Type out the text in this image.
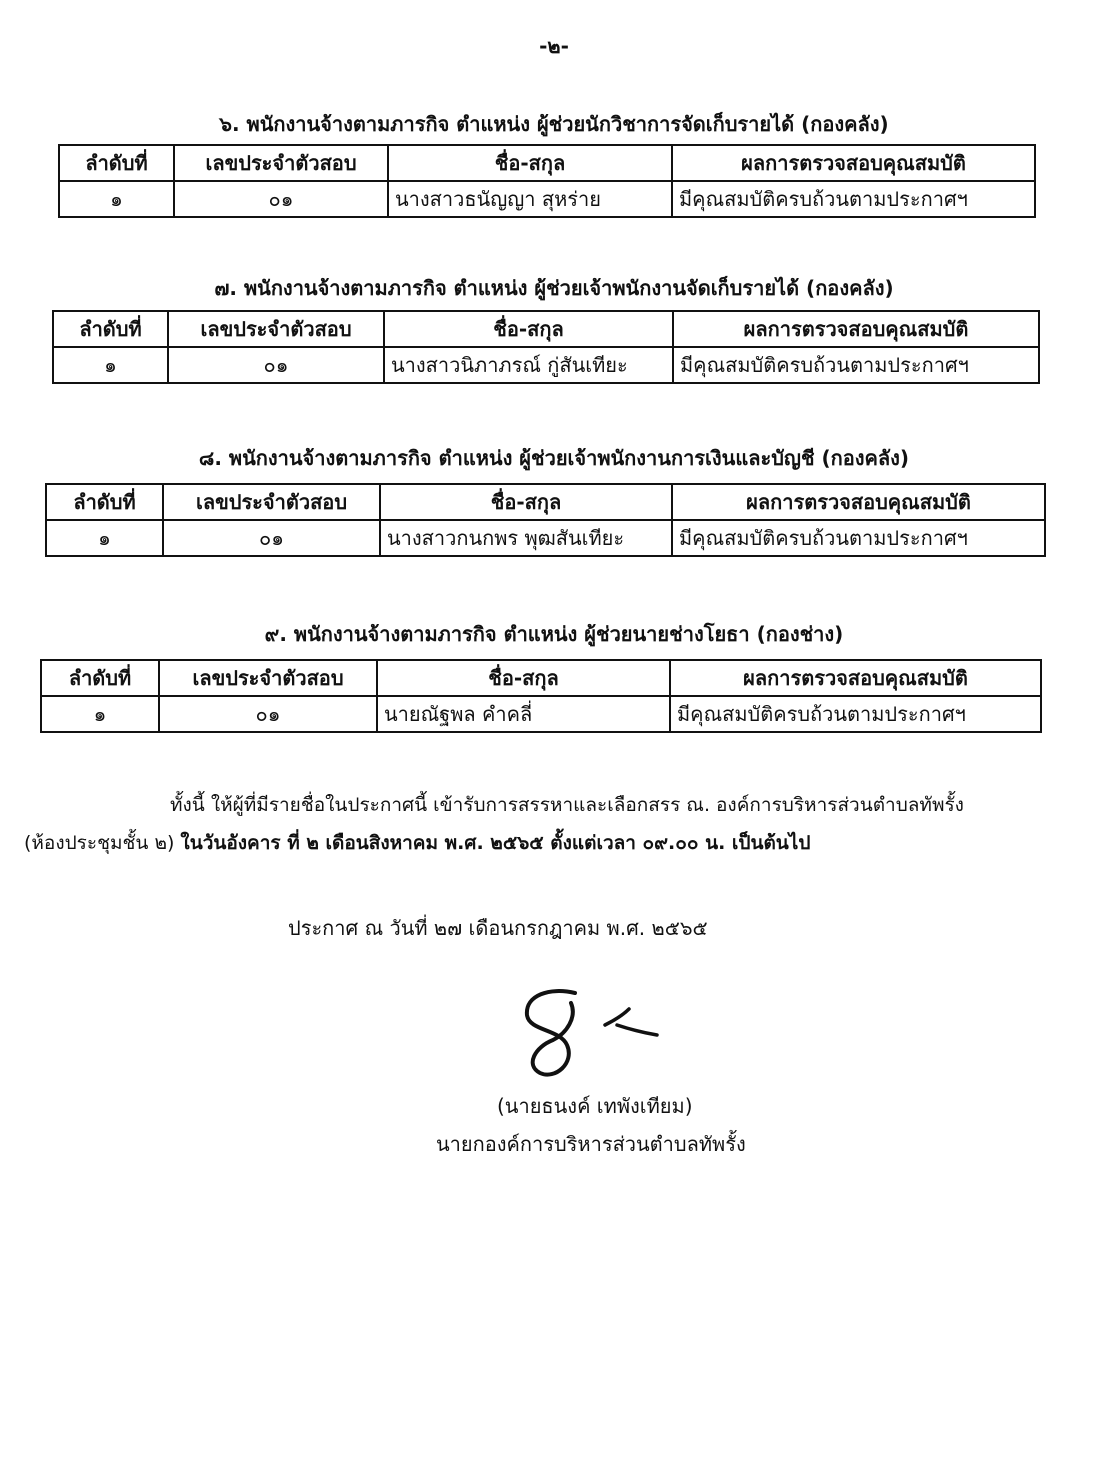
-๒-
๖. พนักงานจ้างตามภารกิจ ตำแหน่ง ผู้ช่วยนักวิชาการจัดเก็บรายได้ (กองคลัง)
ลำดับที่	เลขประจำตัวสอบ	ชื่อ-สกุล	ผลการตรวจสอบคุณสมบัติ
๑	๐๑	นางสาวธนัญญา สุหร่าย	มีคุณสมบัติครบถ้วนตามประกาศฯ
๗. พนักงานจ้างตามภารกิจ ตำแหน่ง ผู้ช่วยเจ้าพนักงานจัดเก็บรายได้ (กองคลัง)
ลำดับที่	เลขประจำตัวสอบ	ชื่อ-สกุล	ผลการตรวจสอบคุณสมบัติ
๑	๐๑	นางสาวนิภาภรณ์ กู่สันเทียะ	มีคุณสมบัติครบถ้วนตามประกาศฯ
๘. พนักงานจ้างตามภารกิจ ตำแหน่ง ผู้ช่วยเจ้าพนักงานการเงินและบัญชี (กองคลัง)
ลำดับที่	เลขประจำตัวสอบ	ชื่อ-สกุล	ผลการตรวจสอบคุณสมบัติ
๑	๐๑	นางสาวกนกพร พุฒสันเทียะ	มีคุณสมบัติครบถ้วนตามประกาศฯ
๙. พนักงานจ้างตามภารกิจ ตำแหน่ง ผู้ช่วยนายช่างโยธา (กองช่าง)
ลำดับที่	เลขประจำตัวสอบ	ชื่อ-สกุล	ผลการตรวจสอบคุณสมบัติ
๑	๐๑	นายณัฐพล คำคลี่	มีคุณสมบัติครบถ้วนตามประกาศฯ
ทั้งนี้ ให้ผู้ที่มีรายชื่อในประกาศนี้ เข้ารับการสรรหาและเลือกสรร ณ. องค์การบริหารส่วนตำบลทัพรั้ง
(ห้องประชุมชั้น ๒) ในวันอังคาร ที่ ๒ เดือนสิงหาคม พ.ศ. ๒๕๖๕ ตั้งแต่เวลา ๐๙.๐๐ น. เป็นต้นไป
ประกาศ ณ วันที่ ๒๗ เดือนกรกฎาคม พ.ศ. ๒๕๖๕
(นายธนงค์ เทพังเทียม)
นายกองค์การบริหารส่วนตำบลทัพรั้ง
